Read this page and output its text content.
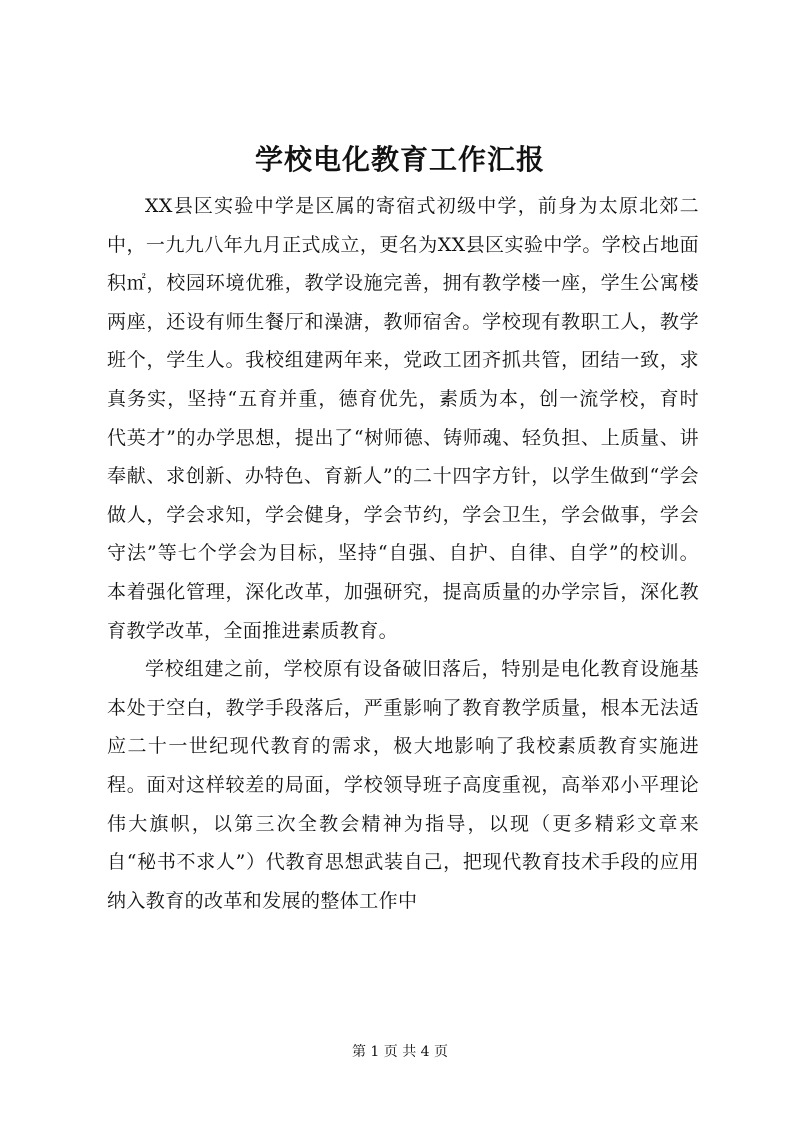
学校电化教育工作汇报

XX县区实验中学是区属的寄宿式初级中学，前身为太原北郊二中，一九九八年九月正式成立，更名为XX县区实验中学。学校占地面积㎡，校园环境优雅，教学设施完善，拥有教学楼一座，学生公寓楼两座，还设有师生餐厅和澡溏，教师宿舍。学校现有教职工人，教学班个，学生人。我校组建两年来，党政工团齐抓共管，团结一致，求真务实，坚持“五育并重，德育优先，素质为本，创一流学校，育时代英才”的办学思想，提出了“树师德、铸师魂、轻负担、上质量、讲奉献、求创新、办特色、育新人”的二十四字方针，以学生做到“学会做人，学会求知，学会健身，学会节约，学会卫生，学会做事，学会守法”等七个学会为目标，坚持“自强、自护、自律、自学”的校训。本着强化管理，深化改革，加强研究，提高质量的办学宗旨，深化教育教学改革，全面推进素质教育。

学校组建之前，学校原有设备破旧落后，特别是电化教育设施基本处于空白，教学手段落后，严重影响了教育教学质量，根本无法适应二十一世纪现代教育的需求，极大地影响了我校素质教育实施进程。面对这样较差的局面，学校领导班子高度重视，高举邓小平理论伟大旗帜，以第三次全教会精神为指导，以现（更多精彩文章来自“秘书不求人”）代教育思想武装自己，把现代教育技术手段的应用纳入教育的改革和发展的整体工作中

第 1 页 共 4 页
